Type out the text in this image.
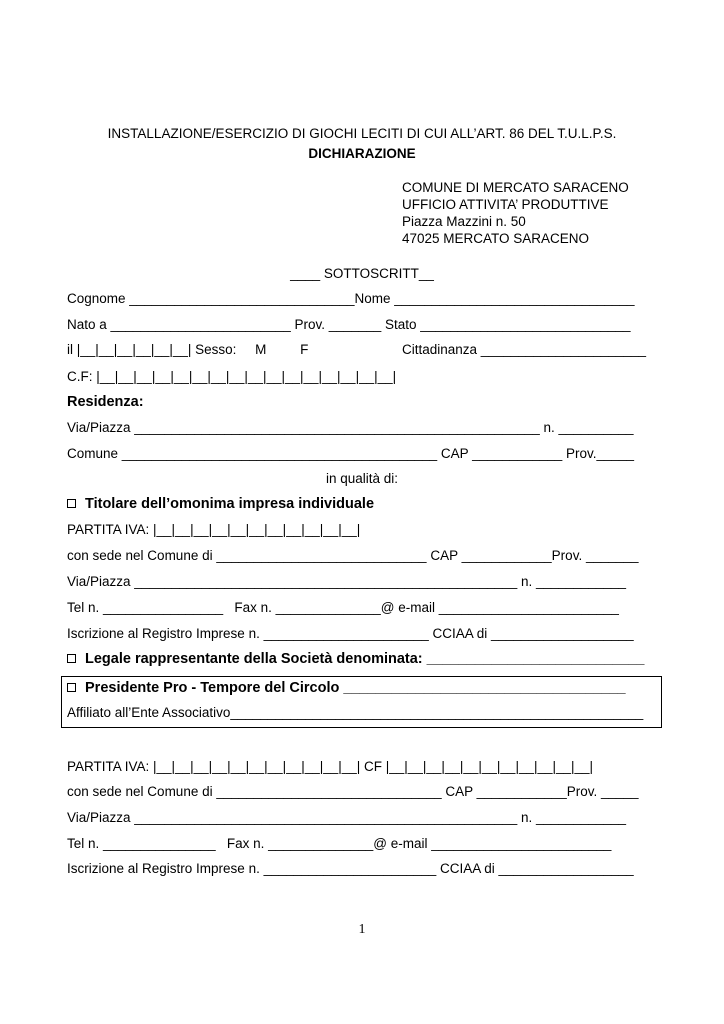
INSTALLAZIONE/ESERCIZIO DI GIOCHI LECITI DI CUI ALL’ART. 86 DEL T.U.L.P.S.
DICHIARAZIONE
COMUNE DI MERCATO SARACENO
UFFICIO ATTIVITA’ PRODUTTIVE
Piazza Mazzini n. 50
47025 MERCATO SARACENO
____ SOTTOSCRITT__
Cognome ______________________________Nome ________________________________
Nato a ________________________ Prov. _______ Stato ____________________________
il |__|__|__|__|__|__| Sesso:     M         F	Cittadinanza ______________________
C.F: |__|__|__|__|__|__|__|__|__|__|__|__|__|__|__|__|
Residenza:
Via/Piazza ______________________________________________________ n. __________
Comune __________________________________________ CAP ____________ Prov._____
in qualità di:
Titolare dell’omonima impresa individuale
PARTITA IVA: |__|__|__|__|__|__|__|__|__|__|__|
con sede nel Comune di ____________________________ CAP ____________Prov. _______
Via/Piazza ___________________________________________________ n. ____________
Tel n. ________________   Fax n. ______________@ e-mail ________________________
Iscrizione al Registro Imprese n. ______________________ CCIAA di ___________________
Legale rappresentante della Società denominata: ___________________________
Presidente Pro - Tempore del Circolo ___________________________________
Affiliato all’Ente Associativo_______________________________________________________
PARTITA IVA: |__|__|__|__|__|__|__|__|__|__|__| CF |__|__|__|__|__|__|__|__|__|__|__|
con sede nel Comune di ______________________________ CAP ____________Prov. _____
Via/Piazza ___________________________________________________ n. ____________
Tel n. _______________   Fax n. ______________@ e-mail ________________________
Iscrizione al Registro Imprese n. _______________________ CCIAA di __________________
1
